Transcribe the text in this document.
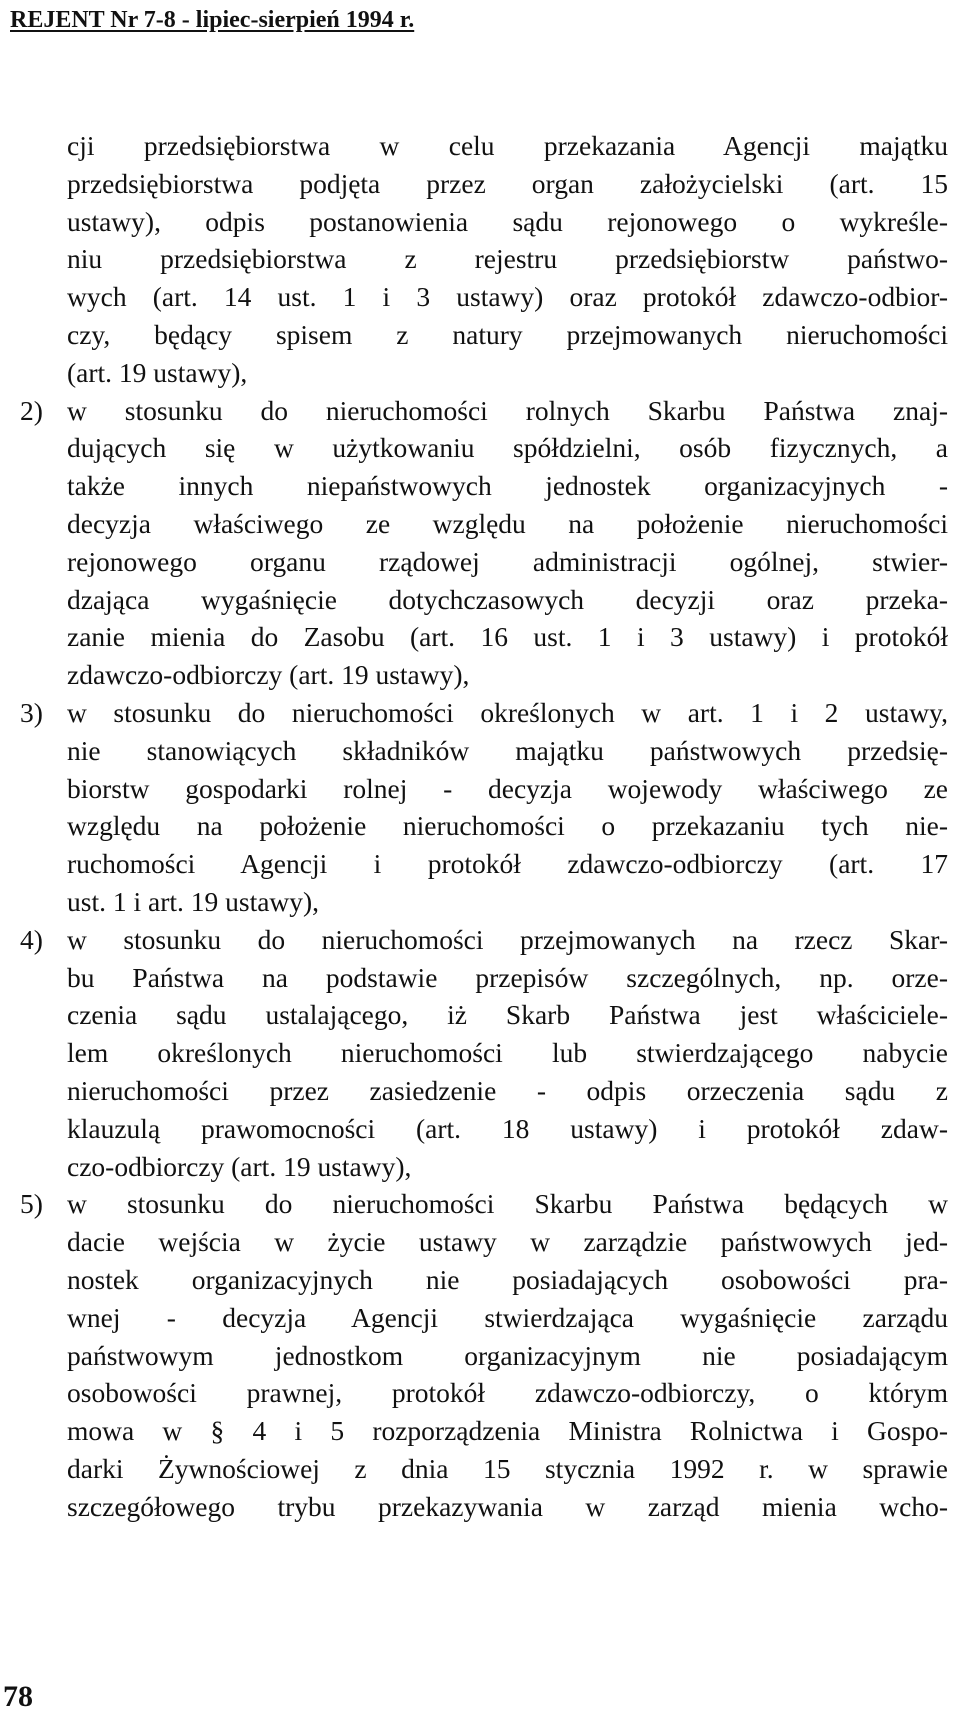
REJENT Nr 7-8 - lipiec-sierpień 1994 r.
cji przedsiębiorstwa w celu przekazania Agencji majątku
przedsiębiorstwa podjęta przez organ założycielski (art. 15
ustawy), odpis postanowienia sądu rejonowego o wykreśle-
niu przedsiębiorstwa z rejestru przedsiębiorstw państwo-
wych (art. 14 ust. 1 i 3 ustawy) oraz protokół zdawczo-odbior-
czy, będący spisem z natury przejmowanych nieruchomości
(art. 19 ustawy),
2) w stosunku do nieruchomości rolnych Skarbu Państwa znaj-
dujących się w użytkowaniu spółdzielni, osób fizycznych, a
także innych niepaństwowych jednostek organizacyjnych -
decyzja właściwego ze względu na położenie nieruchomości
rejonowego organu rządowej administracji ogólnej, stwier-
dzająca wygaśnięcie dotychczasowych decyzji oraz przeka-
zanie mienia do Zasobu (art. 16 ust. 1 i 3 ustawy) i protokół
zdawczo-odbiorczy (art. 19 ustawy),
3) w stosunku do nieruchomości określonych w art. 1 i 2 ustawy,
nie stanowiących składników majątku państwowych przedsię-
biorstw gospodarki rolnej - decyzja wojewody właściwego ze
względu na położenie nieruchomości o przekazaniu tych nie-
ruchomości Agencji i protokół zdawczo-odbiorczy (art. 17
ust. 1 i art. 19 ustawy),
4) w stosunku do nieruchomości przejmowanych na rzecz Skar-
bu Państwa na podstawie przepisów szczególnych, np. orze-
czenia sądu ustalającego, iż Skarb Państwa jest właściciele-
lem określonych nieruchomości lub stwierdzającego nabycie
nieruchomości przez zasiedzenie - odpis orzeczenia sądu z
klauzulą prawomocności (art. 18 ustawy) i protokół zdaw-
czo-odbiorczy (art. 19 ustawy),
5) w stosunku do nieruchomości Skarbu Państwa będących w
dacie wejścia w życie ustawy w zarządzie państwowych jed-
nostek organizacyjnych nie posiadających osobowości pra-
wnej - decyzja Agencji stwierdzająca wygaśnięcie zarządu
państwowym jednostkom organizacyjnym nie posiadającym
osobowości prawnej, protokół zdawczo-odbiorczy, o którym
mowa w § 4 i 5 rozporządzenia Ministra Rolnictwa i Gospo-
darki Żywnościowej z dnia 15 stycznia 1992 r. w sprawie
szczegółowego trybu przekazywania w zarząd mienia wcho-
78
